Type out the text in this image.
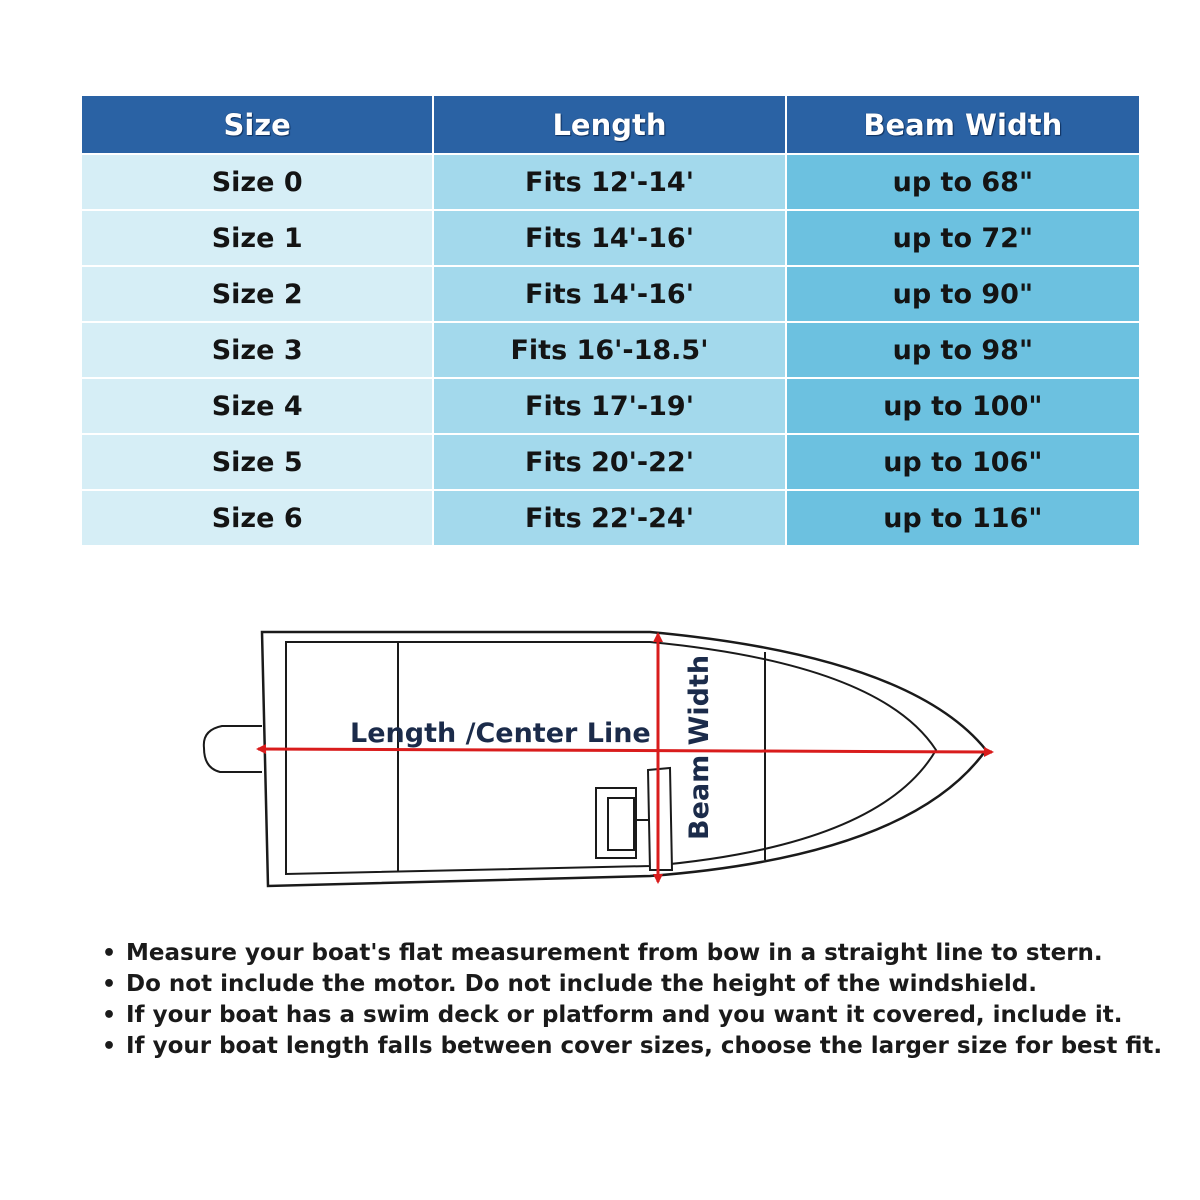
Size	Length	Beam Width
Size 0	Fits 12'-14'	up to 68"
Size 1	Fits 14'-16'	up to 72"
Size 2	Fits 14'-16'	up to 90"
Size 3	Fits 16'-18.5'	up to 98"
Size 4	Fits 17'-19'	up to 100"
Size 5	Fits 20'-22'	up to 106"
Size 6	Fits 22'-24'	up to 116"
Length /Center Line Beam Width
• Measure your boat's flat measurement from bow in a straight line to stern.
• Do not include the motor. Do not include the height of the windshield.
• If your boat has a swim deck or platform and you want it covered, include it.
• If your boat length falls between cover sizes, choose the larger size for best fit.
